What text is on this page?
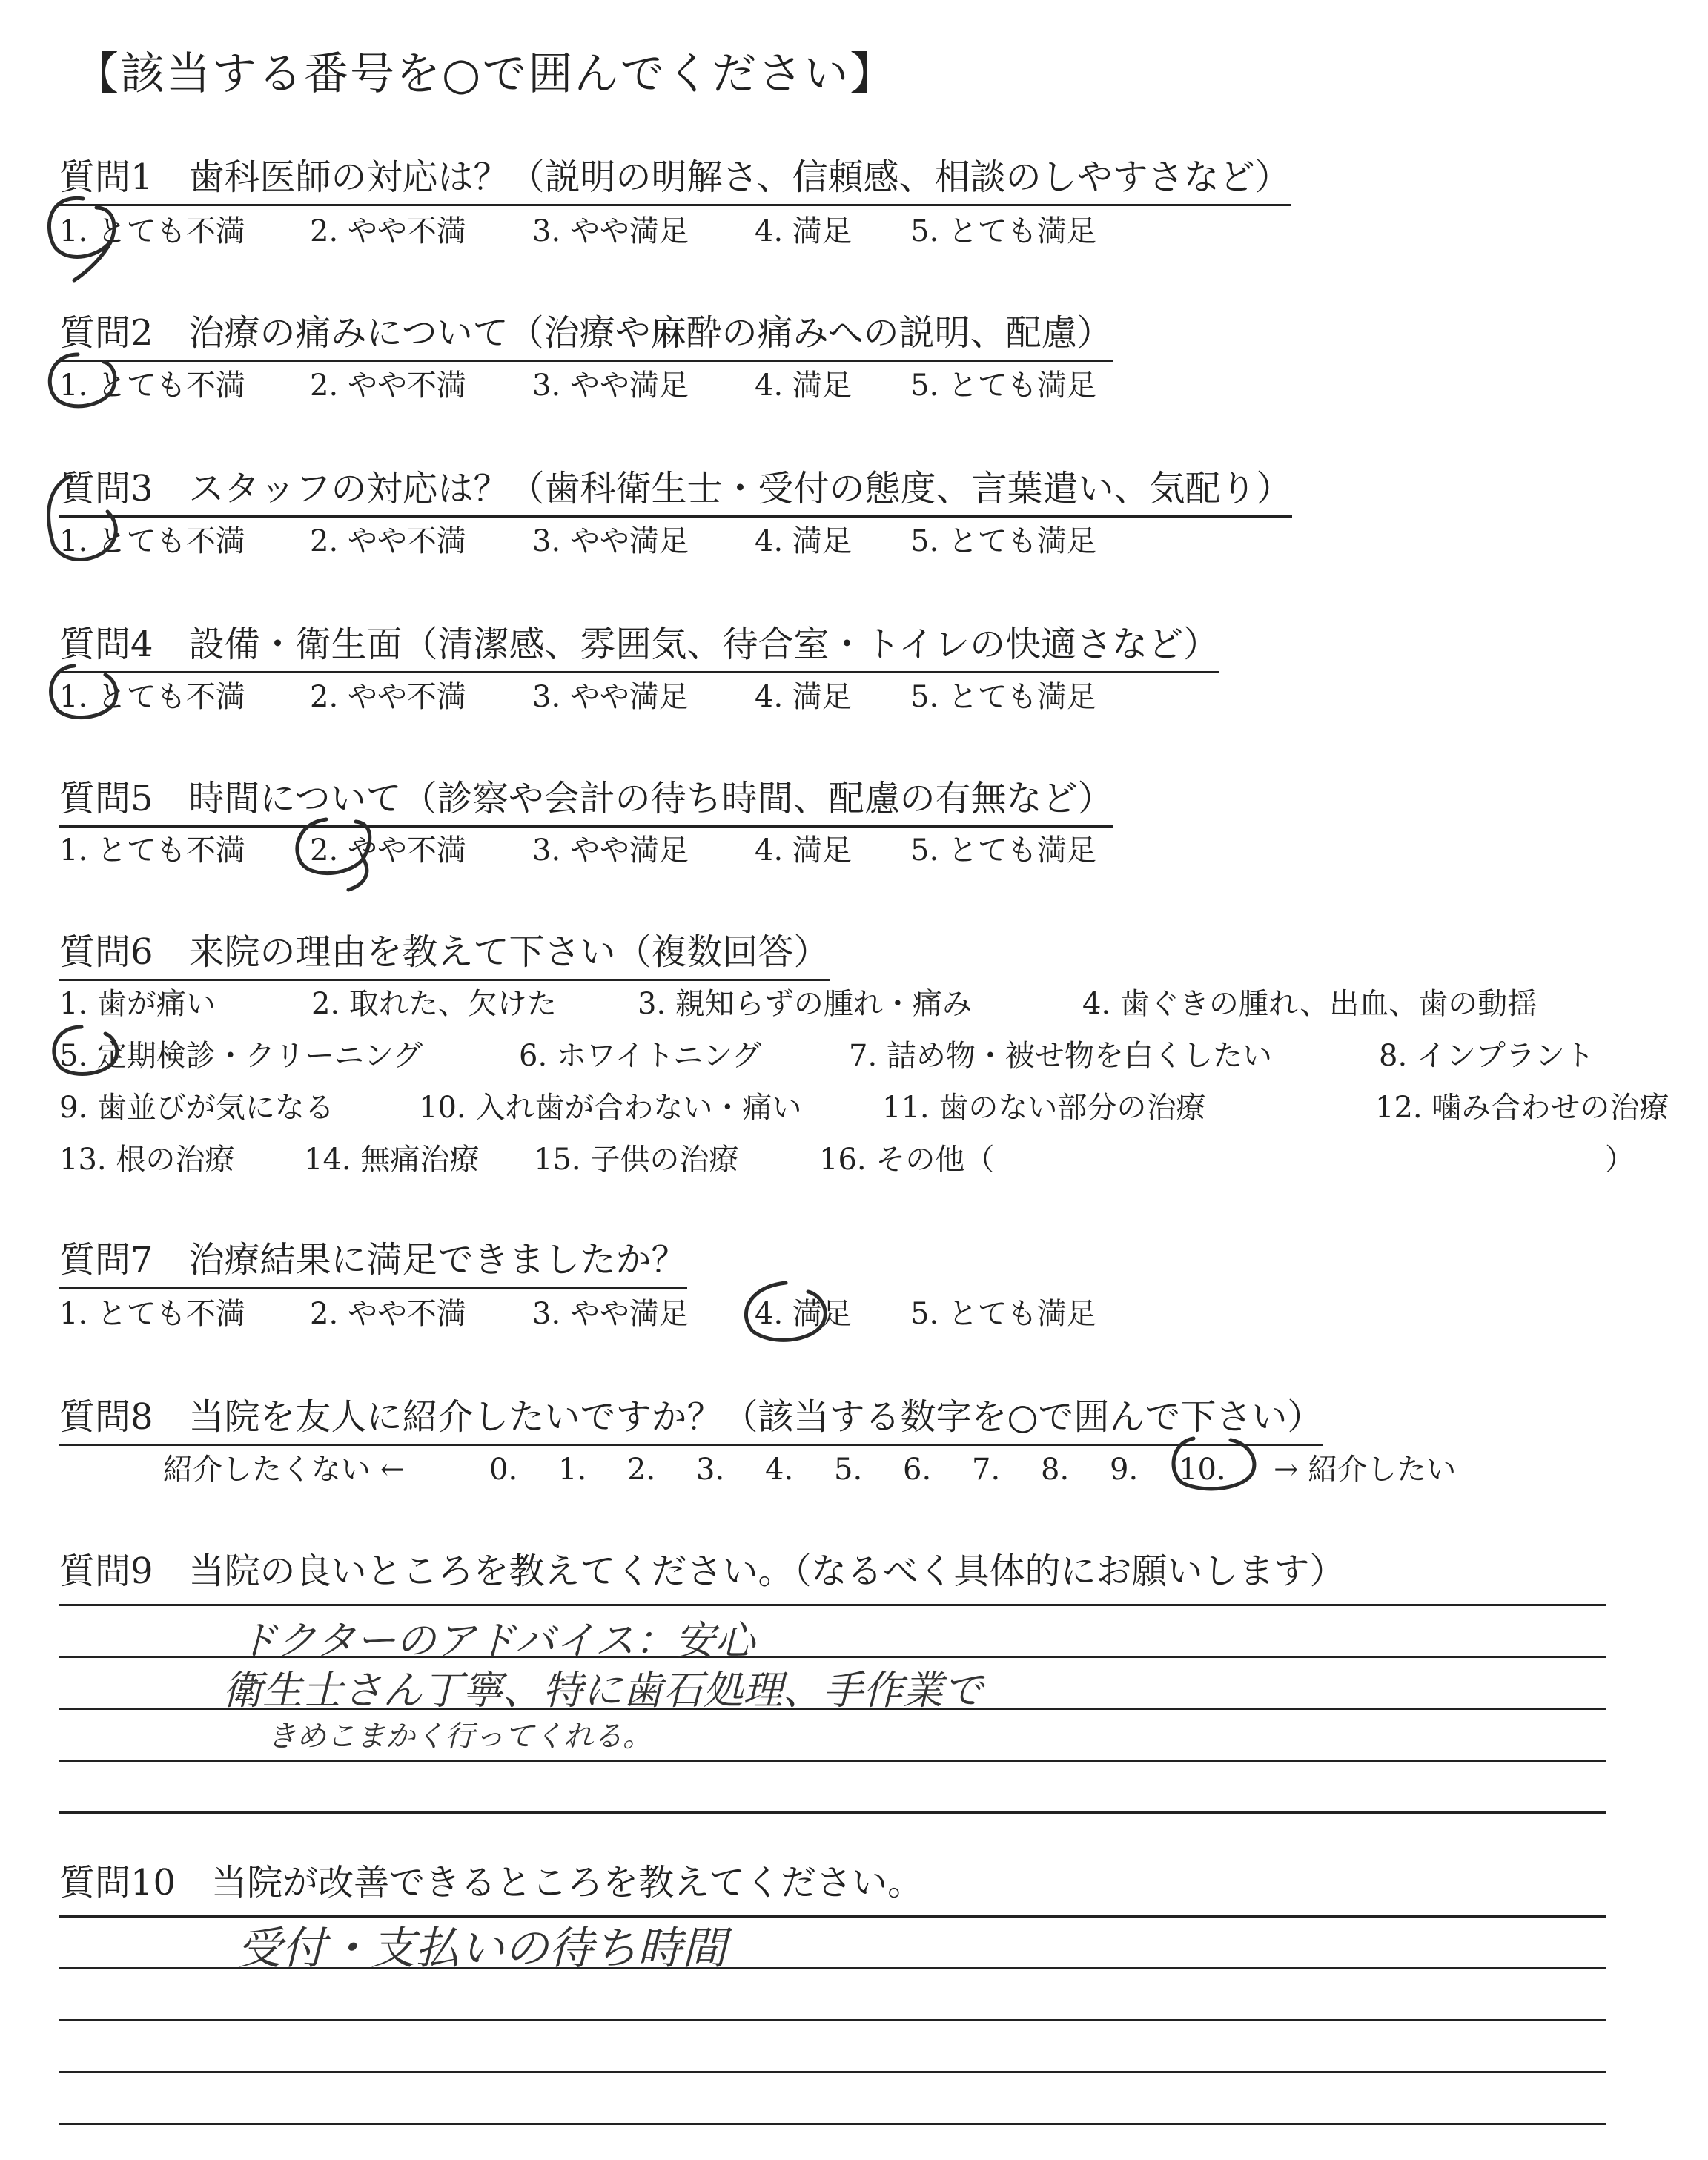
【該当する番号を○で囲んでください】
質問1　歯科医師の対応は？（説明の明解さ、信頼感、相談のしやすさなど）
1. とても不満 2. やや不満 3. やや満足 4. 満足 5. とても満足
質問2　治療の痛みについて（治療や麻酔の痛みへの説明、配慮）
1. とても不満 2. やや不満 3. やや満足 4. 満足 5. とても満足
質問3　スタッフの対応は？（歯科衛生士・受付の態度、言葉遣い、気配り）
1. とても不満 2. やや不満 3. やや満足 4. 満足 5. とても満足
質問4　設備・衛生面（清潔感、雰囲気、待合室・トイレの快適さなど）
1. とても不満 2. やや不満 3. やや満足 4. 満足 5. とても満足
質問5　時間について（診察や会計の待ち時間、配慮の有無など）
1. とても不満 2. やや不満 3. やや満足 4. 満足 5. とても満足
質問6　来院の理由を教えて下さい（複数回答）
1. 歯が痛い	2. 取れた、欠けた	3. 親知らずの腫れ・痛み	4. 歯ぐきの腫れ、出血、歯の動揺
5. 定期検診・クリーニング	6. ホワイトニング	7. 詰め物・被せ物を白くしたい	8. インプラント
9. 歯並びが気になる	10. 入れ歯が合わない・痛い	11. 歯のない部分の治療	12. 噛み合わせの治療
13. 根の治療 14. 無痛治療 15. 子供の治療	16. その他（	）
質問7　治療結果に満足できましたか？
1. とても不満 2. やや不満 3. やや満足 4. 満足 5. とても満足
質問8　当院を友人に紹介したいですか？（該当する数字を○で囲んで下さい）
紹介したくない ←	0. 1. 2. 3. 4. 5. 6. 7. 8. 9. 10. → 紹介したい
質問9　当院の良いところを教えてください。（なるべく具体的にお願いします）
ドクターのアドバイス：安心
衛生士さん丁寧、特に歯石処理、手作業で
きめこまかく行ってくれる。
質問10　当院が改善できるところを教えてください。
受付・支払いの待ち時間
